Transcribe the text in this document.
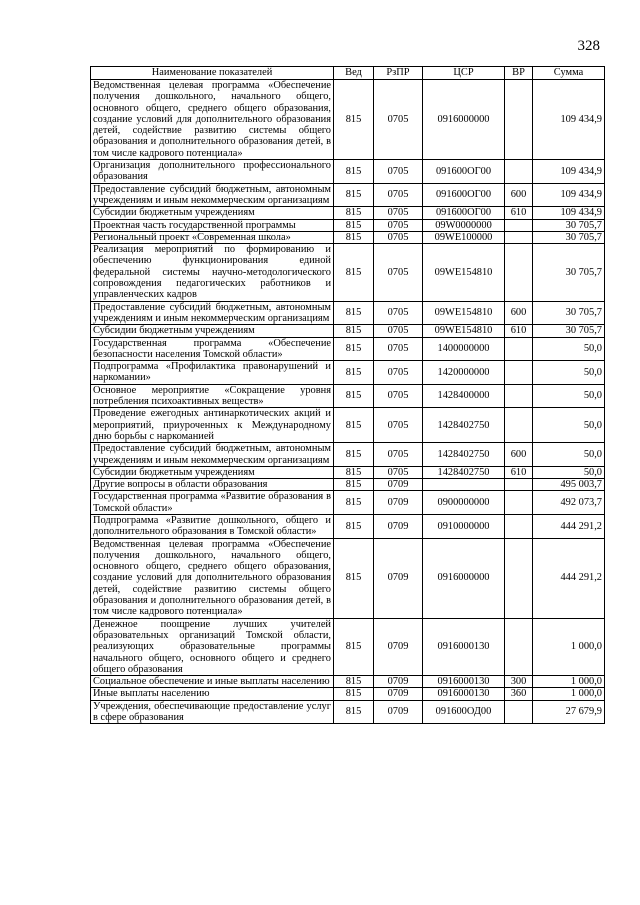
328
Наименование показателей	Вед	РзПР	ЦСР	ВР	Сумма
Ведомственная целевая программа «Обеспечение получения дошкольного, начального общего, основного общего, среднего общего образования, создание условий для дополнительного образования детей, содействие развитию системы общего образования и дополнительного образования детей, в том числе кадрового потенциала»	815	0705	0916000000		109 434,9
Организация дополнительного профессионального образования	815	0705	091600ОГ00		109 434,9
Предоставление субсидий бюджетным, автономным учреждениям и иным некоммерческим организациям	815	0705	091600ОГ00	600	109 434,9
Субсидии бюджетным учреждениям	815	0705	091600ОГ00	610	109 434,9
Проектная часть государственной программы	815	0705	09W0000000		30 705,7
Региональный проект «Современная школа»	815	0705	09WE100000		30 705,7
Реализация мероприятий по формированию и обеспечению функционирования единой федеральной системы научно-методологического сопровождения педагогических работников и управленческих кадров	815	0705	09WE154810		30 705,7
Предоставление субсидий бюджетным, автономным учреждениям и иным некоммерческим организациям	815	0705	09WE154810	600	30 705,7
Субсидии бюджетным учреждениям	815	0705	09WE154810	610	30 705,7
Государственная программа «Обеспечение безопасности населения Томской области»	815	0705	1400000000		50,0
Подпрограмма «Профилактика правонарушений и наркомании»	815	0705	1420000000		50,0
Основное мероприятие «Сокращение уровня потребления психоактивных веществ»	815	0705	1428400000		50,0
Проведение ежегодных антинаркотических акций и мероприятий, приуроченных к Международному дню борьбы с наркоманией	815	0705	1428402750		50,0
Предоставление субсидий бюджетным, автономным учреждениям и иным некоммерческим организациям	815	0705	1428402750	600	50,0
Субсидии бюджетным учреждениям	815	0705	1428402750	610	50,0
Другие вопросы в области образования	815	0709			495 003,7
Государственная программа «Развитие образования в Томской области»	815	0709	0900000000		492 073,7
Подпрограмма «Развитие дошкольного, общего и дополнительного образования в Томской области»	815	0709	0910000000		444 291,2
Ведомственная целевая программа «Обеспечение получения дошкольного, начального общего, основного общего, среднего общего образования, создание условий для дополнительного образования детей, содействие развитию системы общего образования и дополнительного образования детей, в том числе кадрового потенциала»	815	0709	0916000000		444 291,2
Денежное поощрение лучших учителей образовательных организаций Томской области, реализующих образовательные программы начального общего, основного общего и среднего общего образования	815	0709	0916000130		1 000,0
Социальное обеспечение и иные выплаты населению	815	0709	0916000130	300	1 000,0
Иные выплаты населению	815	0709	0916000130	360	1 000,0
Учреждения, обеспечивающие предоставление услуг в сфере образования	815	0709	091600ОД00		27 679,9
